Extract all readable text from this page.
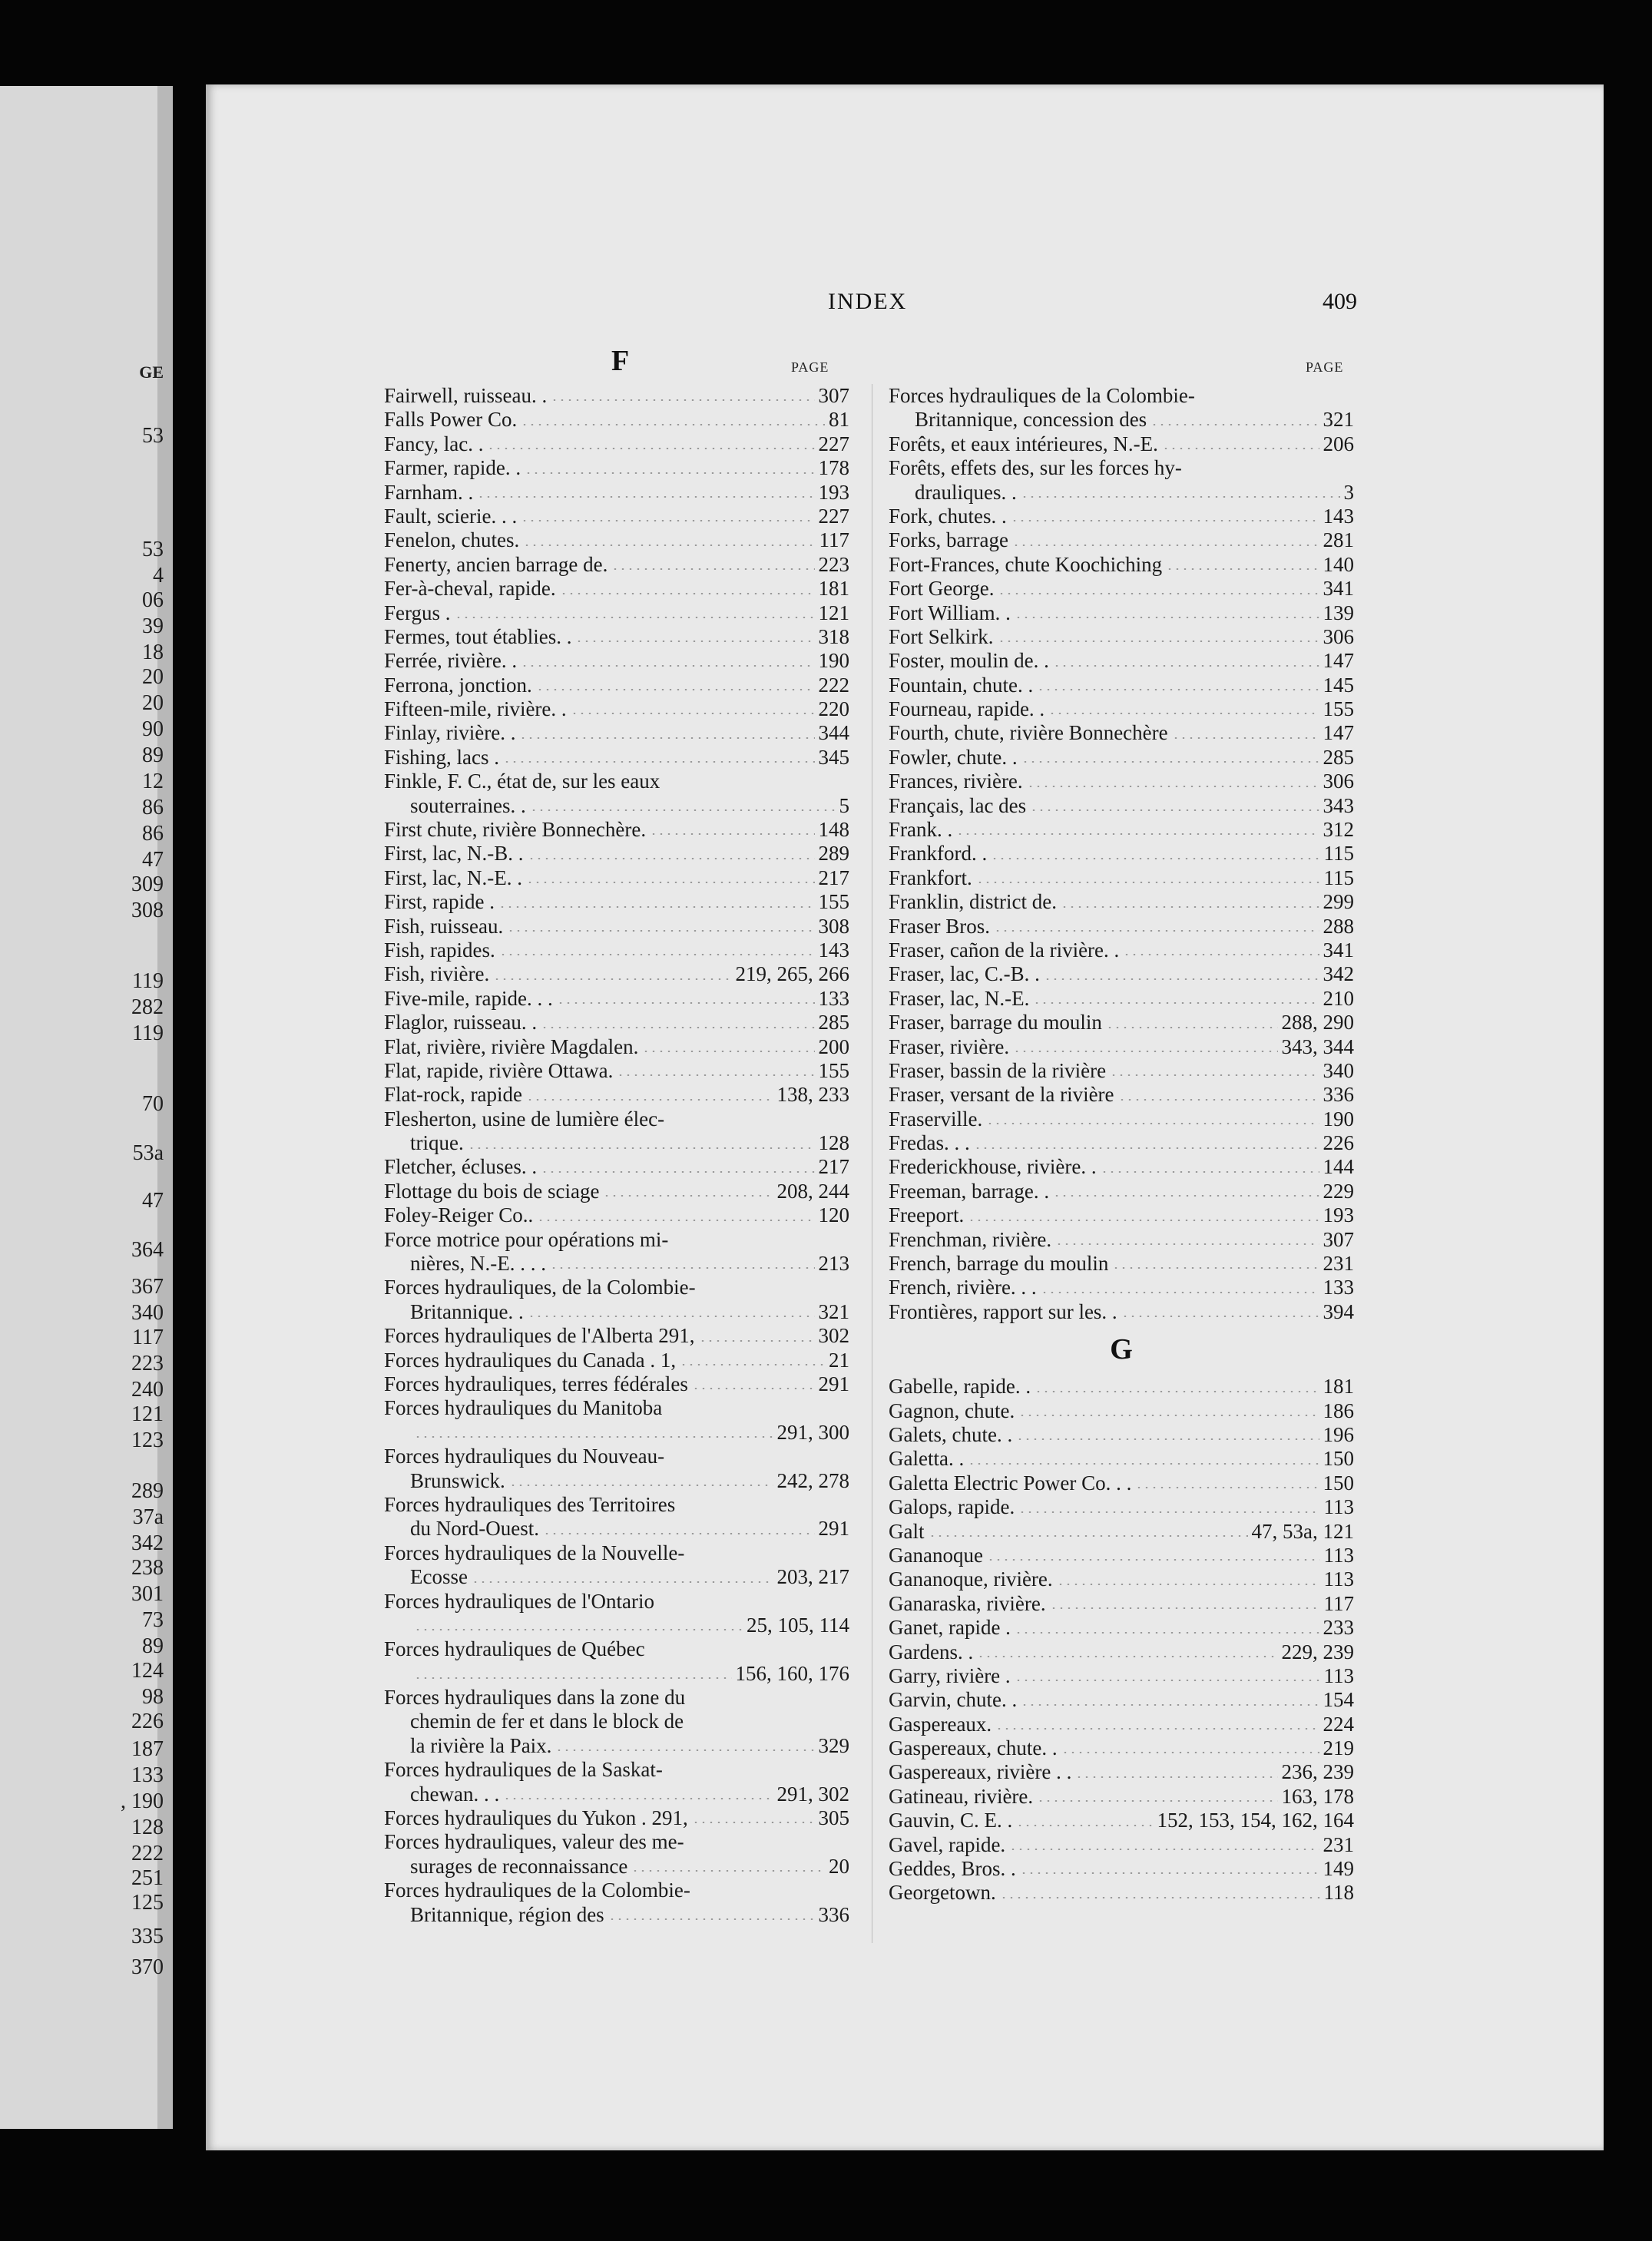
GE
53
53
4
06
39
18
20
20
90
89
12
86
86
47
309
308
119
282
119
70
53a
47
364
367
340
117
223
240
121
123
289
37a
342
238
301
73
89
124
98
226
187
133
, 190
128
222
251
125
335
370
INDEX	409
F	PAGE	PAGE
Fairwell, ruisseau. .	307
Falls Power Co.	81
Fancy, lac. .	227
Farmer, rapide. .	178
Farnham. .	193
Fault, scierie. . .	227
Fenelon, chutes.	117
Fenerty, ancien barrage de.	223
Fer-à-cheval, rapide.	181
Fergus .	121
Fermes, tout établies. .	318
Ferrée, rivière. .	190
Ferrona, jonction.	222
Fifteen-mile, rivière. .	220
Finlay, rivière. .	344
Fishing, lacs .	345
Finkle, F. C., état de, sur les eaux
souterraines. .	5
First chute, rivière Bonnechère.	148
First, lac, N.-B. .	289
First, lac, N.-E. .	217
First, rapide .	155
Fish, ruisseau.	308
Fish, rapides.	143
Fish, rivière.	219, 265, 266
Five-mile, rapide. . .	133
Flaglor, ruisseau. .	285
Flat, rivière, rivière Magdalen.	200
Flat, rapide, rivière Ottawa.	155
Flat-rock, rapide	138, 233
Flesherton, usine de lumière élec-
trique.	128
Fletcher, écluses. .	217
Flottage du bois de sciage	208, 244
Foley-Reiger Co..	120
Force motrice pour opérations mi-
nières, N.-E. . . .	213
Forces hydrauliques, de la Colombie-
Britannique. .	321
Forces hydrauliques de l'Alberta 291,	302
Forces hydrauliques du Canada . 1,	21
Forces hydrauliques, terres fédérales	291
Forces hydrauliques du Manitoba
291, 300
Forces hydrauliques du Nouveau-
Brunswick.	242, 278
Forces hydrauliques des Territoires
du Nord-Ouest.	291
Forces hydrauliques de la Nouvelle-
Ecosse	203, 217
Forces hydrauliques de l'Ontario
25, 105, 114
Forces hydrauliques de Québec
156, 160, 176
Forces hydrauliques dans la zone du
chemin de fer et dans le block de
la rivière la Paix.	329
Forces hydrauliques de la Saskat-
chewan. . .	291, 302
Forces hydrauliques du Yukon . 291,	305
Forces hydrauliques, valeur des me-
surages de reconnaissance	20
Forces hydrauliques de la Colombie-
Britannique, région des	336
Forces hydrauliques de la Colombie-
Britannique, concession des	321
Forêts, et eaux intérieures, N.-E.	206
Forêts, effets des, sur les forces hy-
drauliques. .	3
Fork, chutes. .	143
Forks, barrage	281
Fort-Frances, chute Koochiching	140
Fort George.	341
Fort William. .	139
Fort Selkirk.	306
Foster, moulin de. .	147
Fountain, chute. .	145
Fourneau, rapide. .	155
Fourth, chute, rivière Bonnechère	147
Fowler, chute. .	285
Frances, rivière.	306
Français, lac des	343
Frank. .	312
Frankford. .	115
Frankfort.	115
Franklin, district de.	299
Fraser Bros.	288
Fraser, cañon de la rivière. .	341
Fraser, lac, C.-B. .	342
Fraser, lac, N.-E.	210
Fraser, barrage du moulin	288, 290
Fraser, rivière.	343, 344
Fraser, bassin de la rivière	340
Fraser, versant de la rivière	336
Fraserville.	190
Fredas. . .	226
Frederickhouse, rivière. .	144
Freeman, barrage. .	229
Freeport.	193
Frenchman, rivière.	307
French, barrage du moulin	231
French, rivière. . .	133
Frontières, rapport sur les. .	394
G
Gabelle, rapide. .	181
Gagnon, chute.	186
Galets, chute. .	196
Galetta. .	150
Galetta Electric Power Co. . .	150
Galops, rapide.	113
Galt	47, 53a, 121
Gananoque	113
Gananoque, rivière.	113
Ganaraska, rivière.	117
Ganet, rapide .	233
Gardens. .	229, 239
Garry, rivière .	113
Garvin, chute. .	154
Gaspereaux.	224
Gaspereaux, chute. .	219
Gaspereaux, rivière . .	236, 239
Gatineau, rivière.	163, 178
Gauvin, C. E. .	152, 153, 154, 162, 164
Gavel, rapide.	231
Geddes, Bros. .	149
Georgetown.	118
